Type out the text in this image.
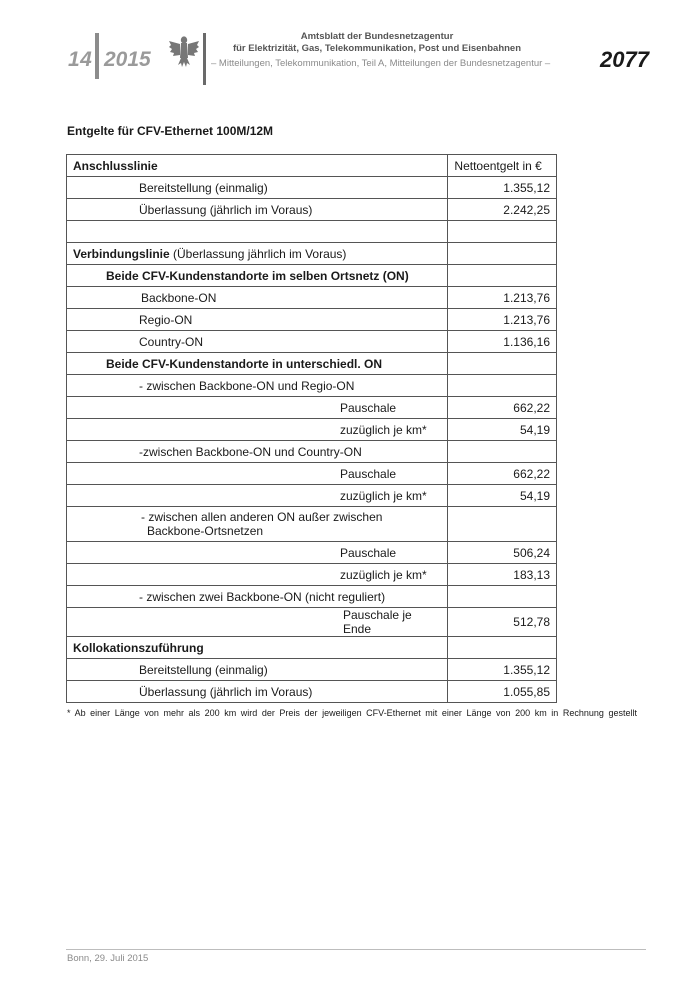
14 2015
Amtsblatt der Bundesnetzagentur
für Elektrizität, Gas, Telekommunikation, Post und Eisenbahnen
– Mitteilungen, Telekommunikation, Teil A, Mitteilungen der Bundesnetzagentur – 2077
Entgelte für CFV-Ethernet 100M/12M
Anschlusslinie	Nettoentgelt in €
Bereitstellung (einmalig)	1.355,12
Überlassung (jährlich im Voraus)	2.242,25

Verbindungslinie (Überlassung jährlich im Voraus)	
Beide CFV-Kundenstandorte im selben Ortsnetz (ON)	
Backbone-ON	1.213,76
Regio-ON	1.213,76
Country-ON	1.136,16
Beide CFV-Kundenstandorte in unterschiedl. ON	
- zwischen Backbone-ON und Regio-ON	
Pauschale	662,22
zuzüglich je km*	54,19
-zwischen Backbone-ON und Country-ON	
Pauschale	662,22
zuzüglich je km*	54,19
- zwischen allen anderen ON außer zwischen
Backbone-Ortsnetzen	

Pauschale	506,24
zuzüglich je km*	183,13
- zwischen zwei Backbone-ON (nicht reguliert)	
Pauschale je Ende	512,78
Kollokationszuführung	
Bereitstellung (einmalig)	1.355,12
Überlassung (jährlich im Voraus)	1.055,85
* Ab einer Länge von mehr als 200 km wird der Preis der jeweiligen CFV-Ethernet mit einer Länge von 200 km in Rechnung gestellt
Bonn, 29. Juli 2015
